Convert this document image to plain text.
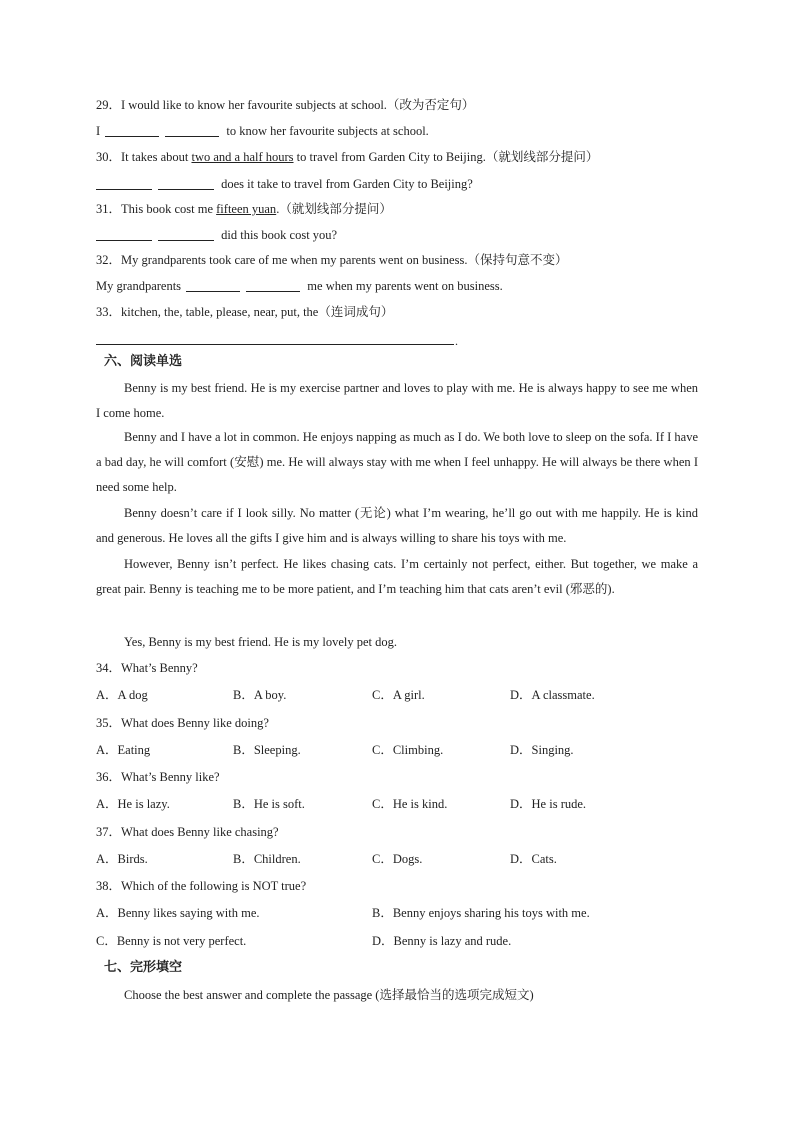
29．I would like to know her favourite subjects at school.（改为否定句）
I	to know her favourite subjects at school.
30．It takes about two and a half hours to travel from Garden City to Beijing.（就划线部分提问）
does it take to travel from Garden City to Beijing?
31．This book cost me fifteen yuan.（就划线部分提问）
did this book cost you?
32．My grandparents took care of me when my parents went on business.（保持句意不变）
My grandparents	me when my parents went on business.
33．kitchen, the, table, please, near, put, the（连词成句）
.
六、阅读单选
Benny is my best friend. He is my exercise partner and loves to play with me. He is always happy to see me when I come home.
Benny and I have a lot in common. He enjoys napping as much as I do. We both love to sleep on the sofa. If I have a bad day, he will comfort (安慰) me. He will always stay with me when I feel unhappy. He will always be there when I need some help.
Benny doesn’t care if I look silly. No matter (无论) what I’m wearing, he’ll go out with me happily. He is kind and generous. He loves all the gifts I give him and is always willing to share his toys with me.
However, Benny isn’t perfect. He likes chasing cats. I’m certainly not perfect, either. But together, we make a great pair. Benny is teaching me to be more patient, and I’m teaching him that cats aren’t evil (邪恶的).
Yes, Benny is my best friend. He is my lovely pet dog.
34．What’s Benny?
A．A dog	B．A boy.	C．A girl.	D．A classmate.
35．What does Benny like doing?
A．Eating	B．Sleeping.	C．Climbing.	D．Singing.
36．What’s Benny like?
A．He is lazy.	B．He is soft.	C．He is kind.	D．He is rude.
37．What does Benny like chasing?
A．Birds.	B．Children.	C．Dogs.	D．Cats.
38．Which of the following is NOT true?
A．Benny likes saying with me.	B．Benny enjoys sharing his toys with me.
C．Benny is not very perfect.	D．Benny is lazy and rude.
七、完形填空
Choose the best answer and complete the passage (选择最恰当的选项完成短文)
